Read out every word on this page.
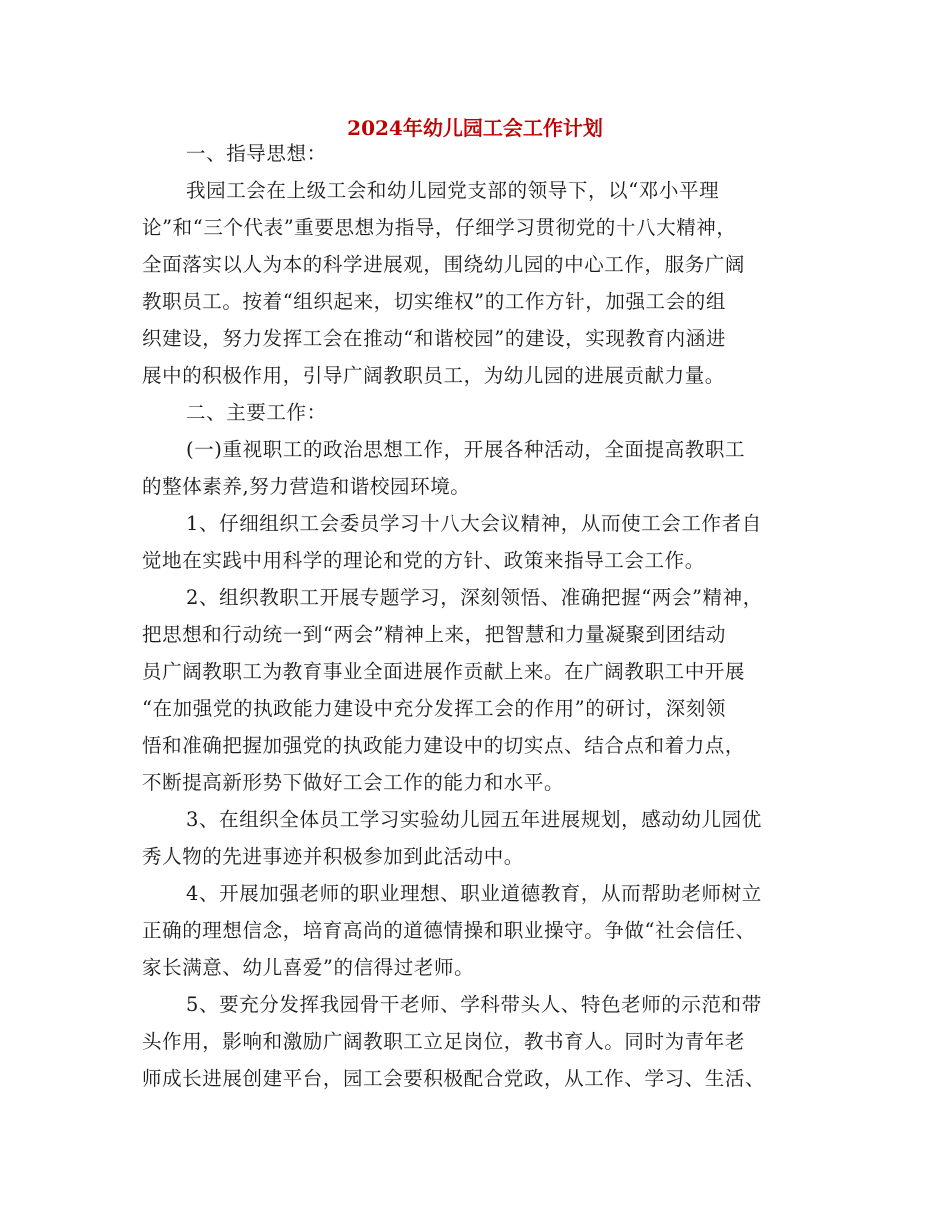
2024年幼儿园工会工作计划
一、指导思想：
我园工会在上级工会和幼儿园党支部的领导下，以“邓小平理
论”和“三个代表”重要思想为指导，仔细学习贯彻党的十八大精神，
全面落实以人为本的科学进展观，围绕幼儿园的中心工作，服务广阔
教职员工。按着“组织起来，切实维权”的工作方针，加强工会的组
织建设，努力发挥工会在推动“和谐校园”的建设，实现教育内涵进
展中的积极作用，引导广阔教职员工，为幼儿园的进展贡献力量。
二、主要工作：
(一)重视职工的政治思想工作，开展各种活动，全面提高教职工
的整体素养,努力营造和谐校园环境。
1、仔细组织工会委员学习十八大会议精神，从而使工会工作者自
觉地在实践中用科学的理论和党的方针、政策来指导工会工作。
2、组织教职工开展专题学习，深刻领悟、准确把握“两会”精神，
把思想和行动统一到“两会”精神上来，把智慧和力量凝聚到团结动
员广阔教职工为教育事业全面进展作贡献上来。在广阔教职工中开展
“在加强党的执政能力建设中充分发挥工会的作用”的研讨，深刻领
悟和准确把握加强党的执政能力建设中的切实点、结合点和着力点，
不断提高新形势下做好工会工作的能力和水平。
3、在组织全体员工学习实验幼儿园五年进展规划，感动幼儿园优
秀人物的先进事迹并积极参加到此活动中。
4、开展加强老师的职业理想、职业道德教育，从而帮助老师树立
正确的理想信念，培育高尚的道德情操和职业操守。争做“社会信任、
家长满意、幼儿喜爱”的信得过老师。
5、要充分发挥我园骨干老师、学科带头人、特色老师的示范和带
头作用，影响和激励广阔教职工立足岗位，教书育人。同时为青年老
师成长进展创建平台，园工会要积极配合党政，从工作、学习、生活、
